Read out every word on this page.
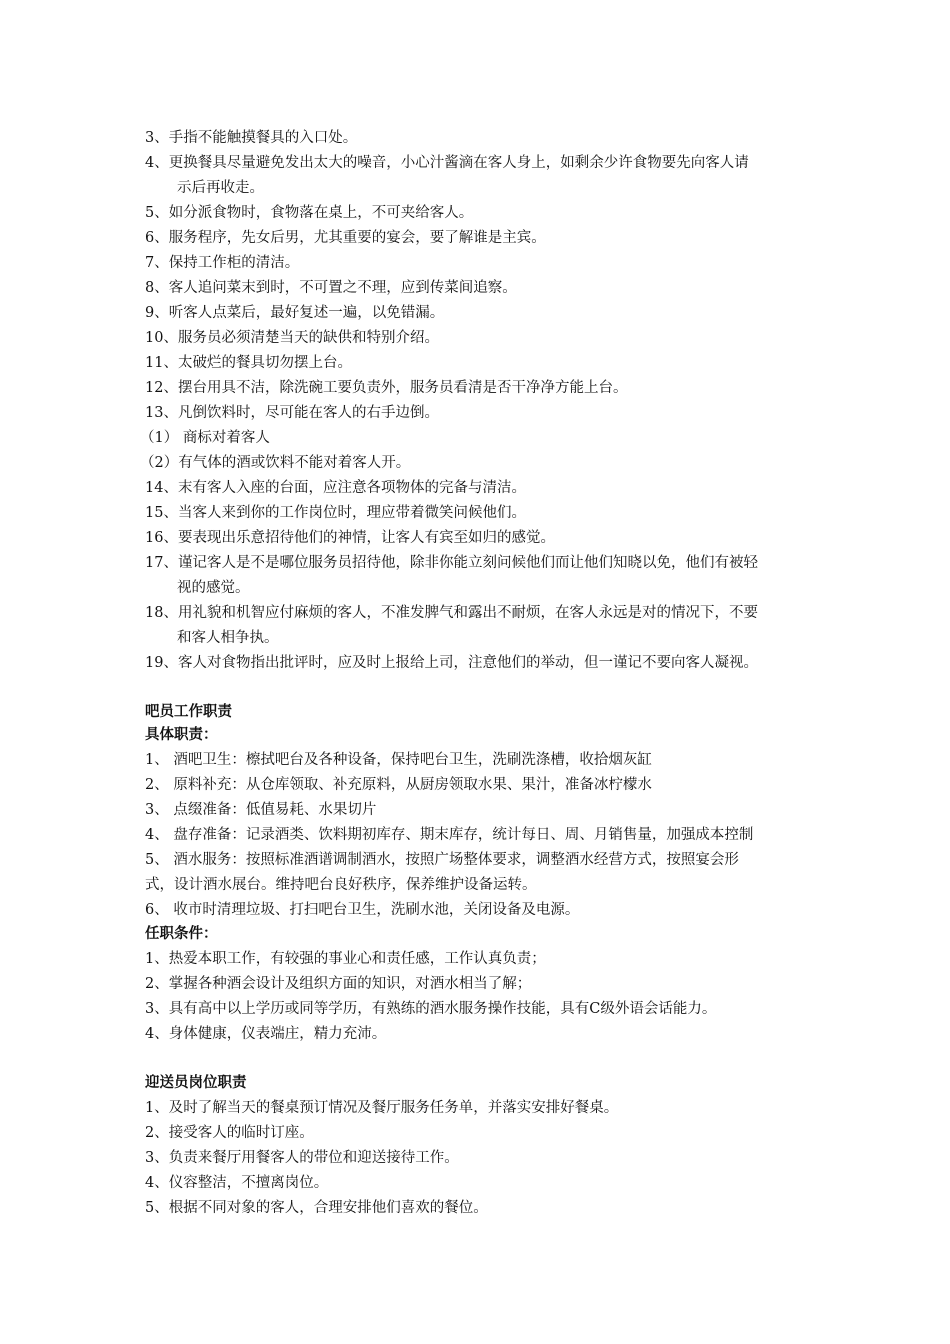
3、手指不能触摸餐具的入口处。
4、更换餐具尽量避免发出太大的噪音，小心汁酱滴在客人身上，如剩余少许食物要先向客人请
示后再收走。
5、如分派食物时，食物落在桌上，不可夹给客人。
6、服务程序，先女后男，尤其重要的宴会，要了解谁是主宾。
7、保持工作柜的清洁。
8、客人追问菜末到时，不可置之不理，应到传菜间追察。
9、听客人点菜后，最好复述一遍，以免错漏。
10、服务员必须清楚当天的缺供和特别介绍。
11、太破烂的餐具切勿摆上台。
12、摆台用具不洁，除洗碗工要负责外，服务员看清是否干净净方能上台。
13、凡倒饮料时，尽可能在客人的右手边倒。
（1） 商标对着客人
（2）有气体的酒或饮料不能对着客人开。
14、末有客人入座的台面，应注意各项物体的完备与清洁。
15、当客人来到你的工作岗位时，理应带着微笑问候他们。
16、要表现出乐意招待他们的神情，让客人有宾至如归的感觉。
17、谨记客人是不是哪位服务员招待他，除非你能立刻问候他们而让他们知晓以免，他们有被轻
视的感觉。
18、用礼貌和机智应付麻烦的客人，不准发脾气和露出不耐烦，在客人永远是对的情况下，不要
和客人相争执。
19、客人对食物指出批评时，应及时上报给上司，注意他们的举动，但一谨记不要向客人凝视。
吧员工作职责
具体职责：
1、 酒吧卫生：檫拭吧台及各种设备，保持吧台卫生，洗刷洗涤槽，收拾烟灰缸
2、 原料补充：从仓库领取、补充原料，从厨房领取水果、果汁，准备冰柠檬水
3、 点缀准备：低值易耗、水果切片
4、 盘存准备：记录酒类、饮料期初库存、期末库存，统计每日、周、月销售量，加强成本控制
5、 酒水服务：按照标准酒谱调制酒水，按照广场整体要求，调整酒水经营方式，按照宴会形
式，设计酒水展台。维持吧台良好秩序，保养维护设备运转。
6、 收市时清理垃圾、打扫吧台卫生，洗刷水池，关闭设备及电源。
任职条件：
1、热爱本职工作，有较强的事业心和责任感，工作认真负责；
2、掌握各种酒会设计及组织方面的知识，对酒水相当了解；
3、具有高中以上学历或同等学历，有熟练的酒水服务操作技能，具有C级外语会话能力。
4、身体健康，仪表端庄，精力充沛。
迎送员岗位职责
1、及时了解当天的餐桌预订情况及餐厅服务任务单，并落实安排好餐桌。
2、接受客人的临时订座。
3、负责来餐厅用餐客人的带位和迎送接待工作。
4、仪容整洁，不擅离岗位。
5、根据不同对象的客人，合理安排他们喜欢的餐位。
